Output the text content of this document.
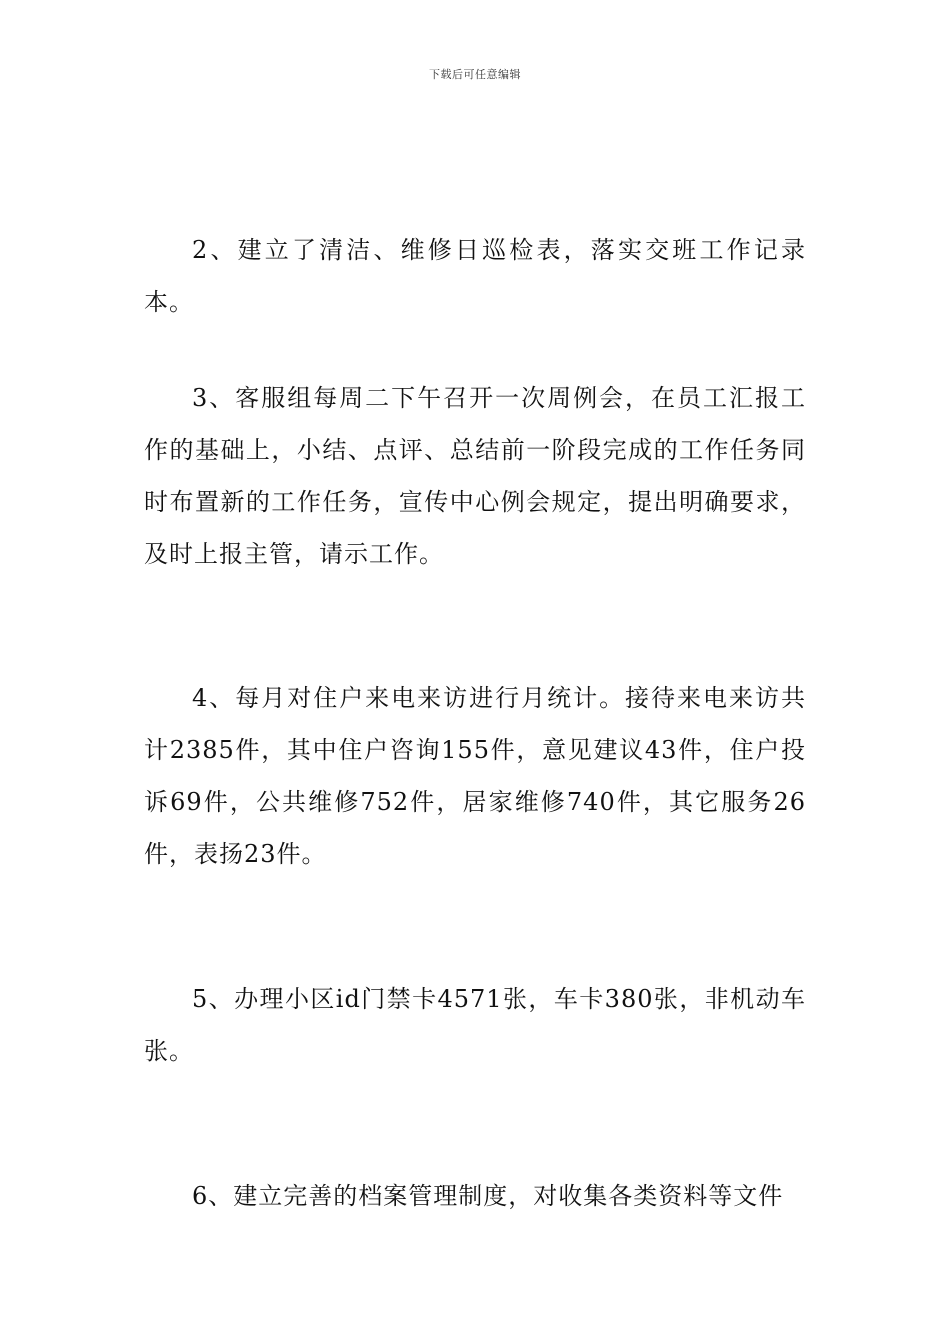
下载后可任意编辑

2、建立了清洁、维修日巡检表，落实交班工作记录本。

3、客服组每周二下午召开一次周例会，在员工汇报工作的基础上，小结、点评、总结前一阶段完成的工作任务同时布置新的工作任务，宣传中心例会规定，提出明确要求，及时上报主管，请示工作。

4、每月对住户来电来访进行月统计。接待来电来访共计2385件，其中住户咨询155件，意见建议43件，住户投诉69件，公共维修752件，居家维修740件，其它服务26件，表扬23件。

5、办理小区id门禁卡4571张，车卡380张，非机动车张。

6、建立完善的档案管理制度，对收集各类资料等文件
